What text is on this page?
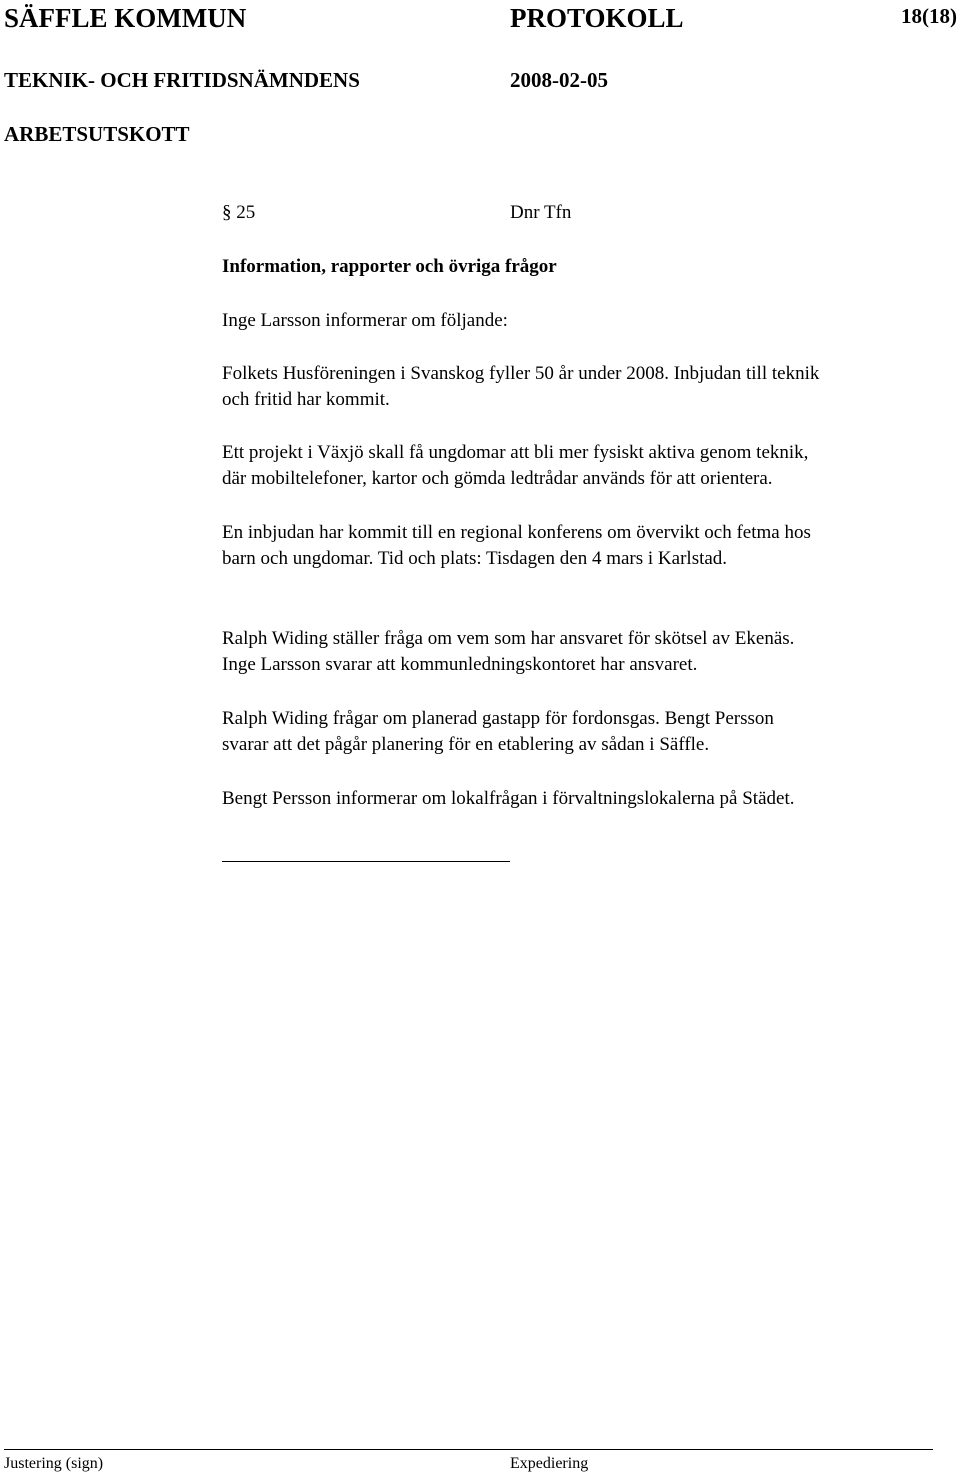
SÄFFLE KOMMUN	PROTOKOLL	18(18)
TEKNIK- OCH FRITIDSNÄMNDENS	2008-02-05
ARBETSUTSKOTT
§ 25	Dnr Tfn
Information, rapporter och övriga frågor
Inge Larsson informerar om följande:
Folkets Husföreningen i Svanskog fyller 50 år under 2008. Inbjudan till teknik
och fritid har kommit.
Ett projekt i Växjö skall få ungdomar att bli mer fysiskt aktiva genom teknik,
där mobiltelefoner, kartor och gömda ledtrådar används för att orientera.
En inbjudan har kommit till en regional konferens om övervikt och fetma hos
barn och ungdomar. Tid och plats: Tisdagen den 4 mars i Karlstad.
Ralph Widing ställer fråga om vem som har ansvaret för skötsel av Ekenäs.
Inge Larsson svarar att kommunledningskontoret har ansvaret.
Ralph Widing frågar om planerad gastapp för fordonsgas. Bengt Persson
svarar att det pågår planering för en etablering av sådan i Säffle.
Bengt Persson informerar om lokalfrågan i förvaltningslokalerna på Städet.
Justering (sign)	Expediering
